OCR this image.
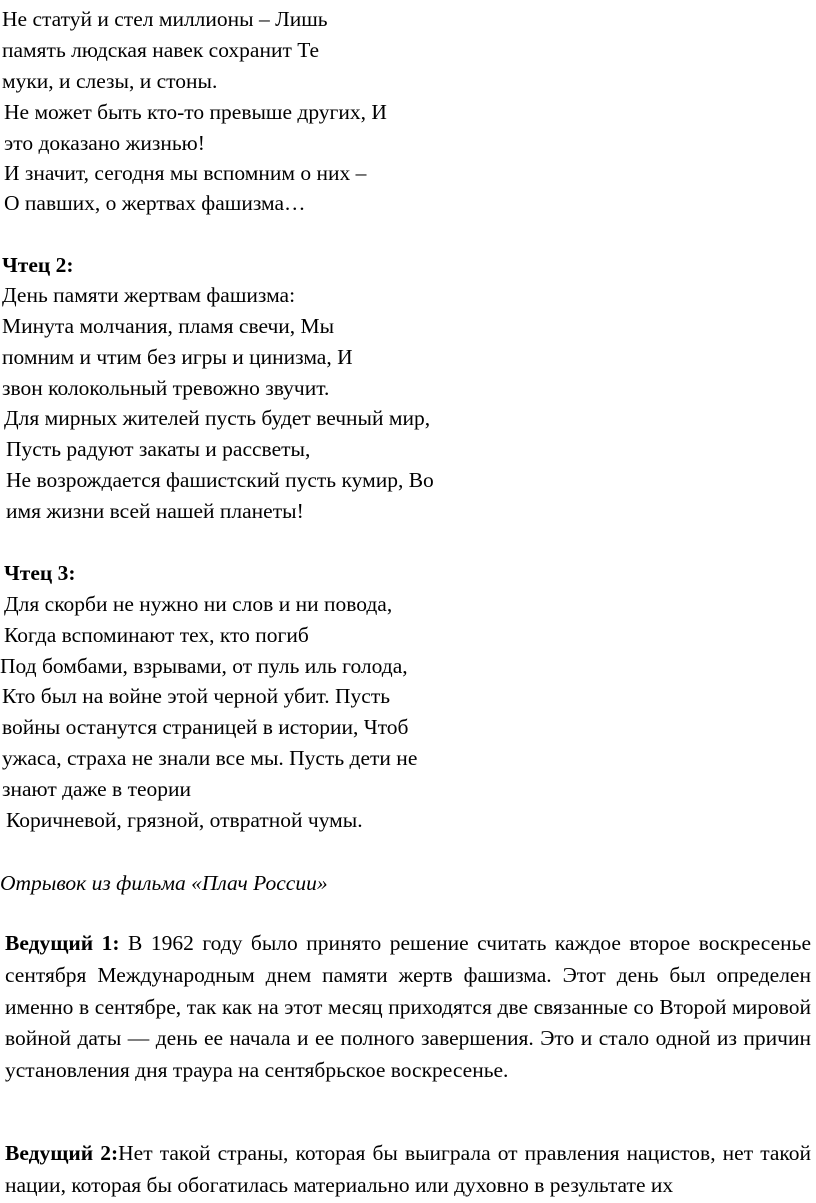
Не статуй и стел миллионы – Лишь
память людская навек сохранит Те
муки, и слезы, и стоны.
Не может быть кто-то превыше других, И
это доказано жизнью!
И значит, сегодня мы вспомним о них –
О павших, о жертвах фашизма…
Чтец 2:
День памяти жертвам фашизма:
Минута молчания, пламя свечи, Мы
помним и чтим без игры и цинизма, И
звон колокольный тревожно звучит.
Для мирных жителей пусть будет вечный мир,
Пусть радуют закаты и рассветы,
Не возрождается фашистский пусть кумир, Во
имя жизни всей нашей планеты!
Чтец 3:
Для скорби не нужно ни слов и ни повода,
Когда вспоминают тех, кто погиб
Под бомбами, взрывами, от пуль иль голода,
Кто был на войне этой черной убит. Пусть
войны останутся страницей в истории, Чтоб
ужаса, страха не знали все мы. Пусть дети не
знают даже в теории
Коричневой, грязной, отвратной чумы.
Отрывок из фильма «Плач России»

Ведущий 1: В 1962 году было принято решение считать каждое второе воскресенье сентября Международным днем памяти жертв фашизма. Этот день был определен именно в сентябре, так как на этот месяц приходятся две связанные со Второй мировой войной даты — день ее начала и ее полного завершения. Это и стало одной из причин установления дня траура на сентябрьское воскресенье.

Ведущий 2:Нет такой страны, которая бы выиграла от правления нацистов, нет такой нации, которая бы обогатилась материально или духовно в результате их
